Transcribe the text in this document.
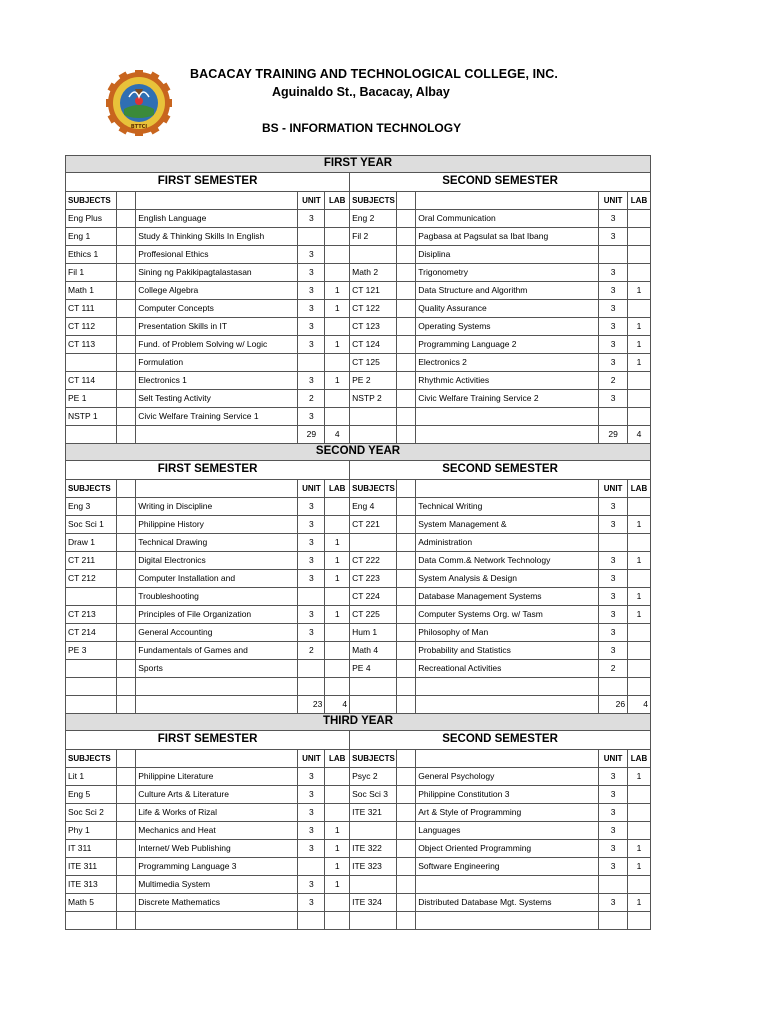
BTTCI
BACACAY TRAINING AND TECHNOLOGICAL COLLEGE, INC.
Aguinaldo St., Bacacay, Albay
BS - INFORMATION TECHNOLOGY
FIRST YEAR									
FIRST SEMESTER					SECOND SEMESTER				
SUBJECTS			UNIT	LAB	SUBJECTS			UNIT	LAB
Eng Plus		English Language	3		Eng 2		Oral Communication	3	
Eng 1		Study & Thinking Skills In English			Fil 2		Pagbasa at Pagsulat sa Ibat Ibang	3	
Ethics 1		Proffesional Ethics	3				Disiplina		
Fil 1		Sining ng Pakikipagtalastasan	3		Math 2		Trigonometry	3	
Math 1		College Algebra	3	1	CT 121		Data Structure and Algorithm	3	1
CT 111		Computer Concepts	3	1	CT 122		Quality Assurance	3	
CT 112		Presentation Skills in IT	3		CT 123		Operating Systems	3	1
CT 113		Fund. of Problem Solving w/ Logic	3	1	CT 124		Programming Language 2	3	1
		Formulation			CT 125		Electronics 2	3	1
CT 114		Electronics 1	3	1	PE 2		Rhythmic Activities	2	
PE 1		Selt Testing Activity	2		NSTP 2		Civic Welfare Training Service 2	3	
NSTP 1		Civic Welfare Training Service 1	3						
			29	4				29	4
SECOND YEAR									
FIRST SEMESTER					SECOND SEMESTER				
SUBJECTS			UNIT	LAB	SUBJECTS			UNIT	LAB
Eng 3		Writing in Discipline	3		Eng 4		Technical Writing	3	
Soc Sci 1		Philippine History	3		CT 221		System Management &	3	1
Draw 1		Technical Drawing	3	1			Administration		
CT 211		Digital Electronics	3	1	CT 222		Data Comm.& Network Technology	3	1
CT 212		Computer Installation and	3	1	CT 223		System Analysis & Design	3	
		Troubleshooting			CT 224		Database Management Systems	3	1
CT 213		Principles of File Organization	3	1	CT 225		Computer Systems Org. w/ Tasm	3	1
CT 214		General Accounting	3		Hum 1		Philosophy of Man	3	
PE 3		Fundamentals of Games and	2		Math 4		Probability and Statistics	3	
		Sports			PE 4		Recreational Activities	2	

			23	4				26	4
THIRD YEAR									
FIRST SEMESTER					SECOND SEMESTER				
SUBJECTS			UNIT	LAB	SUBJECTS			UNIT	LAB
Lit 1		Philippine Literature	3		Psyc 2		General Psychology	3	1
Eng 5		Culture Arts & Literature	3		Soc Sci 3		Philippine Constitution 3	3	
Soc Sci 2		Life & Works of Rizal	3		ITE 321		Art & Style of Programming	3	
Phy 1		Mechanics and Heat	3	1			Languages	3	
IT 311		Internet/ Web Publishing	3	1	ITE 322		Object Oriented Programming	3	1
ITE 311		Programming Language 3		1	ITE 323		Software Engineering	3	1
ITE 313		Multimedia System	3	1					
Math 5		Discrete Mathematics	3		ITE 324		Distributed Database Mgt. Systems	3	1
